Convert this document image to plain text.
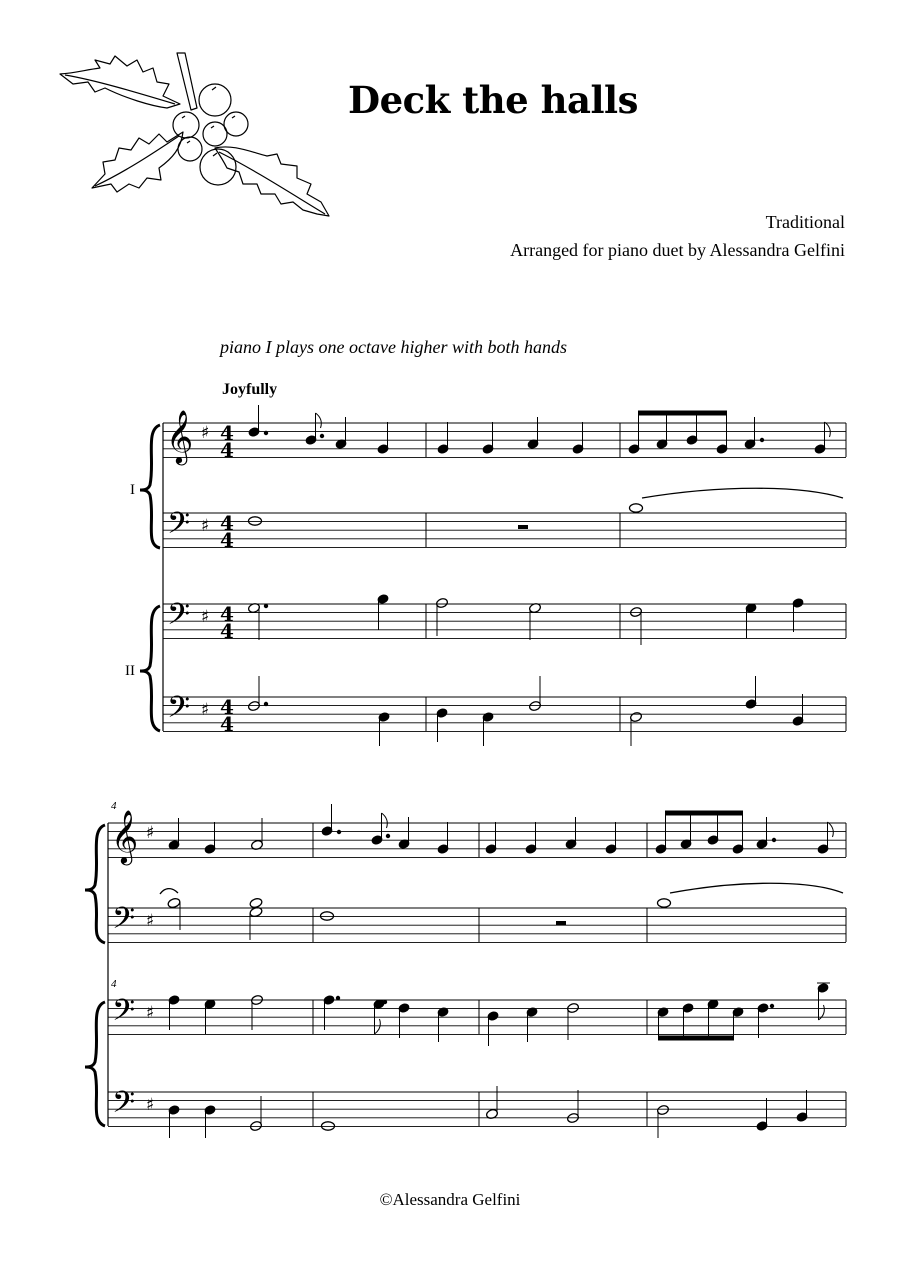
Deck the halls
Traditional
Arranged for piano duet by Alessandra Gelfini
piano I plays one octave higher with both hands
Joyfully
©Alessandra Gelfini
I
II
𝄞
𝄢
𝄢
𝄢
♯
♯
♯
♯
4
4
4
4
4
4
4
4
4
4
𝄞
𝄢
𝄢
𝄢
♯
♯
♯
♯
